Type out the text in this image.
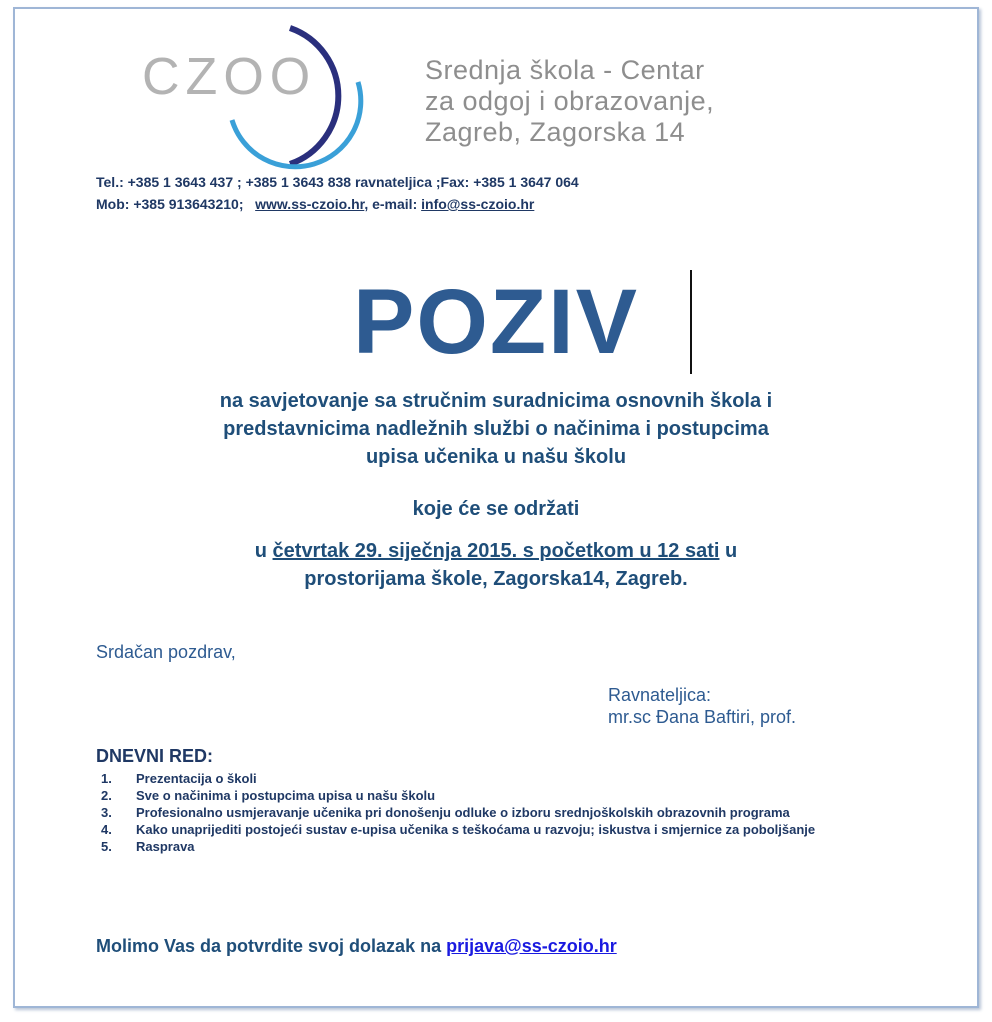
CZOO	Srednja škola - Centar
za odgoj i obrazovanje,
Zagreb, Zagorska 14
Tel.: +385 1 3643 437 ; +385 1 3643 838 ravnateljica ;Fax: +385 1 3647 064
Mob: +385 913643210; www.ss-czoio.hr, e-mail: info@ss-czoio.hr
POZIV
na savjetovanje sa stručnim suradnicima osnovnih škola i
predstavnicima nadležnih službi o načinima i postupcima
upisa učenika u našu školu
koje će se održati
u četvrtak 29. siječnja 2015. s početkom u 12 sati u
prostorijama škole, Zagorska14, Zagreb.
Srdačan pozdrav,
Ravnateljica:
mr.sc Đana Baftiri, prof.
DNEVNI RED:
1. Prezentacija o školi
2. Sve o načinima i postupcima upisa u našu školu
3. Profesionalno usmjeravanje učenika pri donošenju odluke o izboru srednjoškolskih obrazovnih programa
4. Kako unaprijediti postojeći sustav e-upisa učenika s teškoćama u razvoju; iskustva i smjernice za poboljšanje
5. Rasprava
Molimo Vas da potvrdite svoj dolazak na prijava@ss-czoio.hr
